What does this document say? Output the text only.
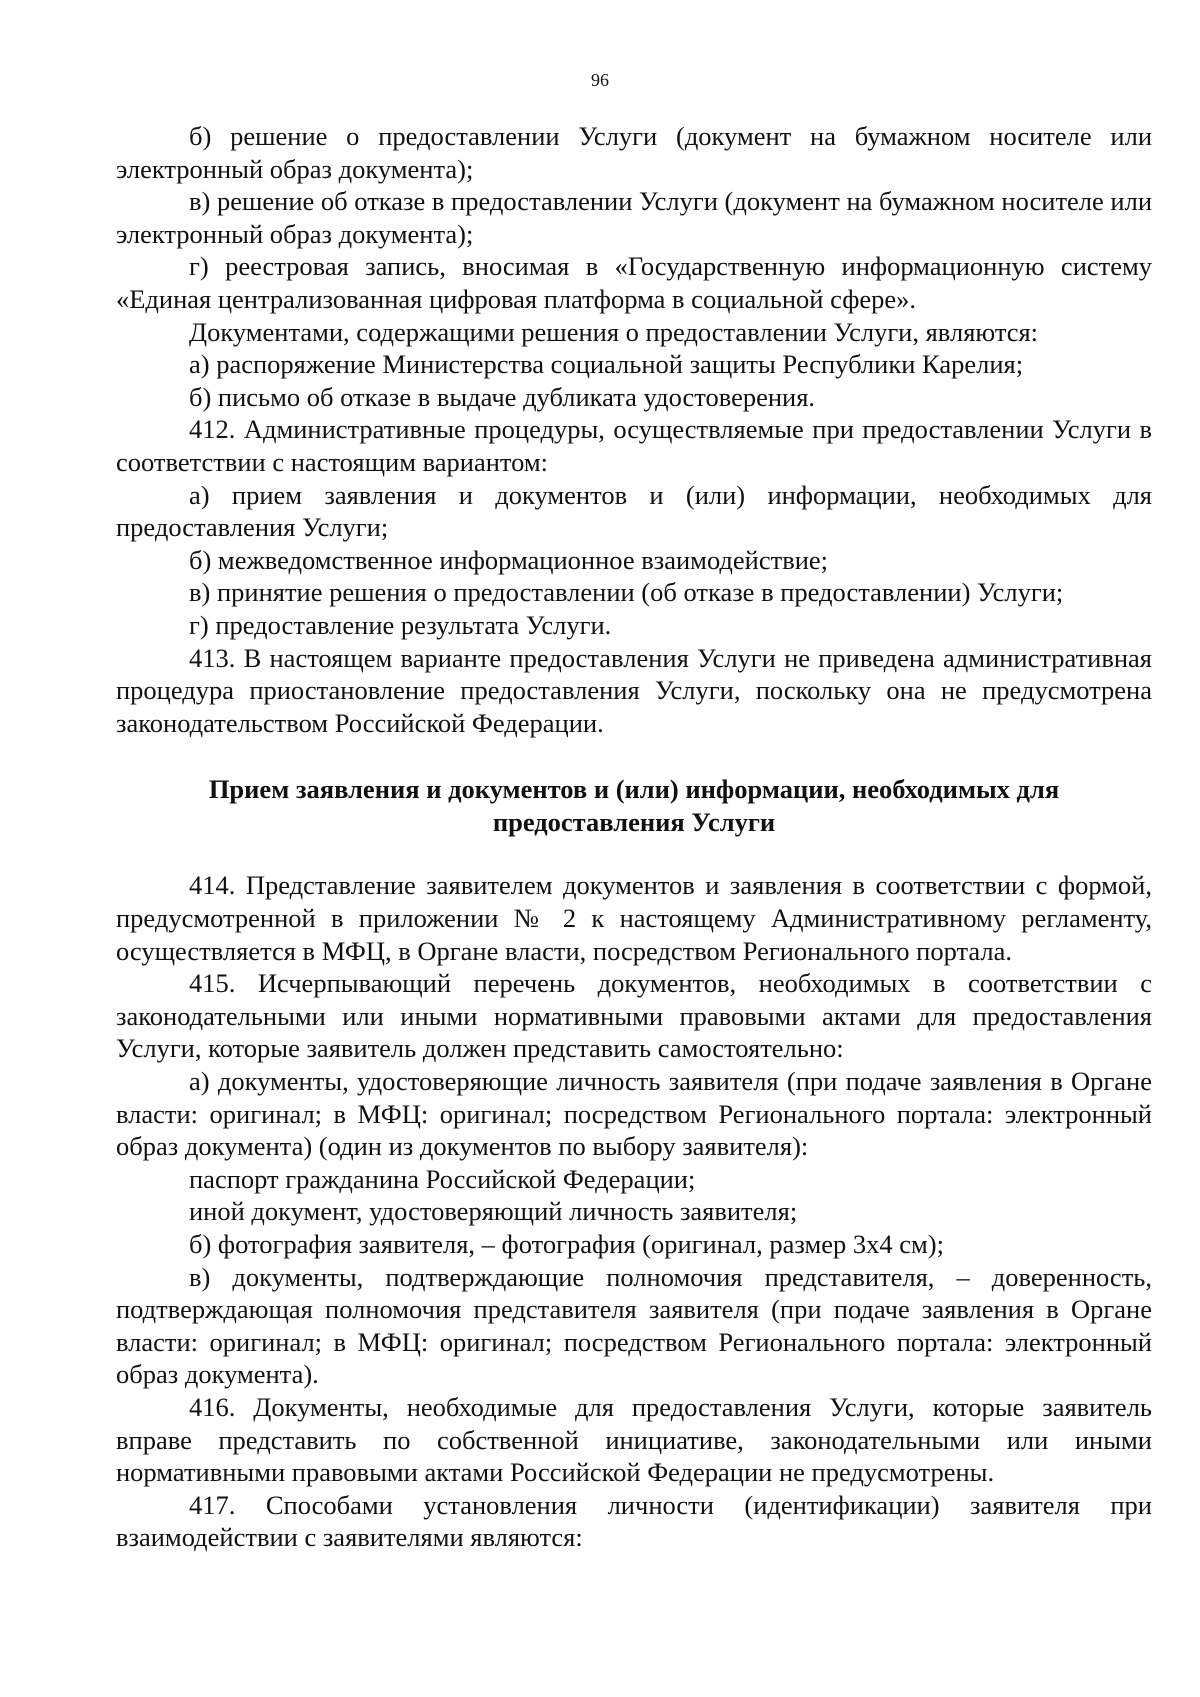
96

б) решение о предоставлении Услуги (документ на бумажном носителе или электронный образ документа);

в) решение об отказе в предоставлении Услуги (документ на бумажном носителе или электронный образ документа);

г) реестровая запись, вносимая в «Государственную информационную систему «Единая централизованная цифровая платформа в социальной сфере».

Документами, содержащими решения о предоставлении Услуги, являются:

а) распоряжение Министерства социальной защиты Республики Карелия;

б) письмо об отказе в выдаче дубликата удостоверения.

412. Административные процедуры, осуществляемые при предоставлении Услуги в соответствии с настоящим вариантом:

а) прием заявления и документов и (или) информации, необходимых для предоставления Услуги;

б) межведомственное информационное взаимодействие;

в) принятие решения о предоставлении (об отказе в предоставлении) Услуги;

г) предоставление результата Услуги.

413. В настоящем варианте предоставления Услуги не приведена административная процедура приостановление предоставления Услуги, поскольку она не предусмотрена законодательством Российской Федерации.

Прием заявления и документов и (или) информации, необходимых для
предоставления Услуги

414. Представление заявителем документов и заявления в соответствии с формой, предусмотренной в приложении № 2 к настоящему Административному регламенту, осуществляется в МФЦ, в Органе власти, посредством Регионального портала.

415. Исчерпывающий перечень документов, необходимых в соответствии с законодательными или иными нормативными правовыми актами для предоставления Услуги, которые заявитель должен представить самостоятельно:

а) документы, удостоверяющие личность заявителя (при подаче заявления в Органе власти: оригинал; в МФЦ: оригинал; посредством Регионального портала: электронный образ документа) (один из документов по выбору заявителя):

паспорт гражданина Российской Федерации;

иной документ, удостоверяющий личность заявителя;

б) фотография заявителя, – фотография (оригинал, размер 3х4 см);

в) документы, подтверждающие полномочия представителя, – доверенность, подтверждающая полномочия представителя заявителя (при подаче заявления в Органе власти: оригинал; в МФЦ: оригинал; посредством Регионального портала: электронный образ документа).

416. Документы, необходимые для предоставления Услуги, которые заявитель вправе представить по собственной инициативе, законодательными или иными нормативными правовыми актами Российской Федерации не предусмотрены.

417. Способами установления личности (идентификации) заявителя при взаимодействии с заявителями являются:
